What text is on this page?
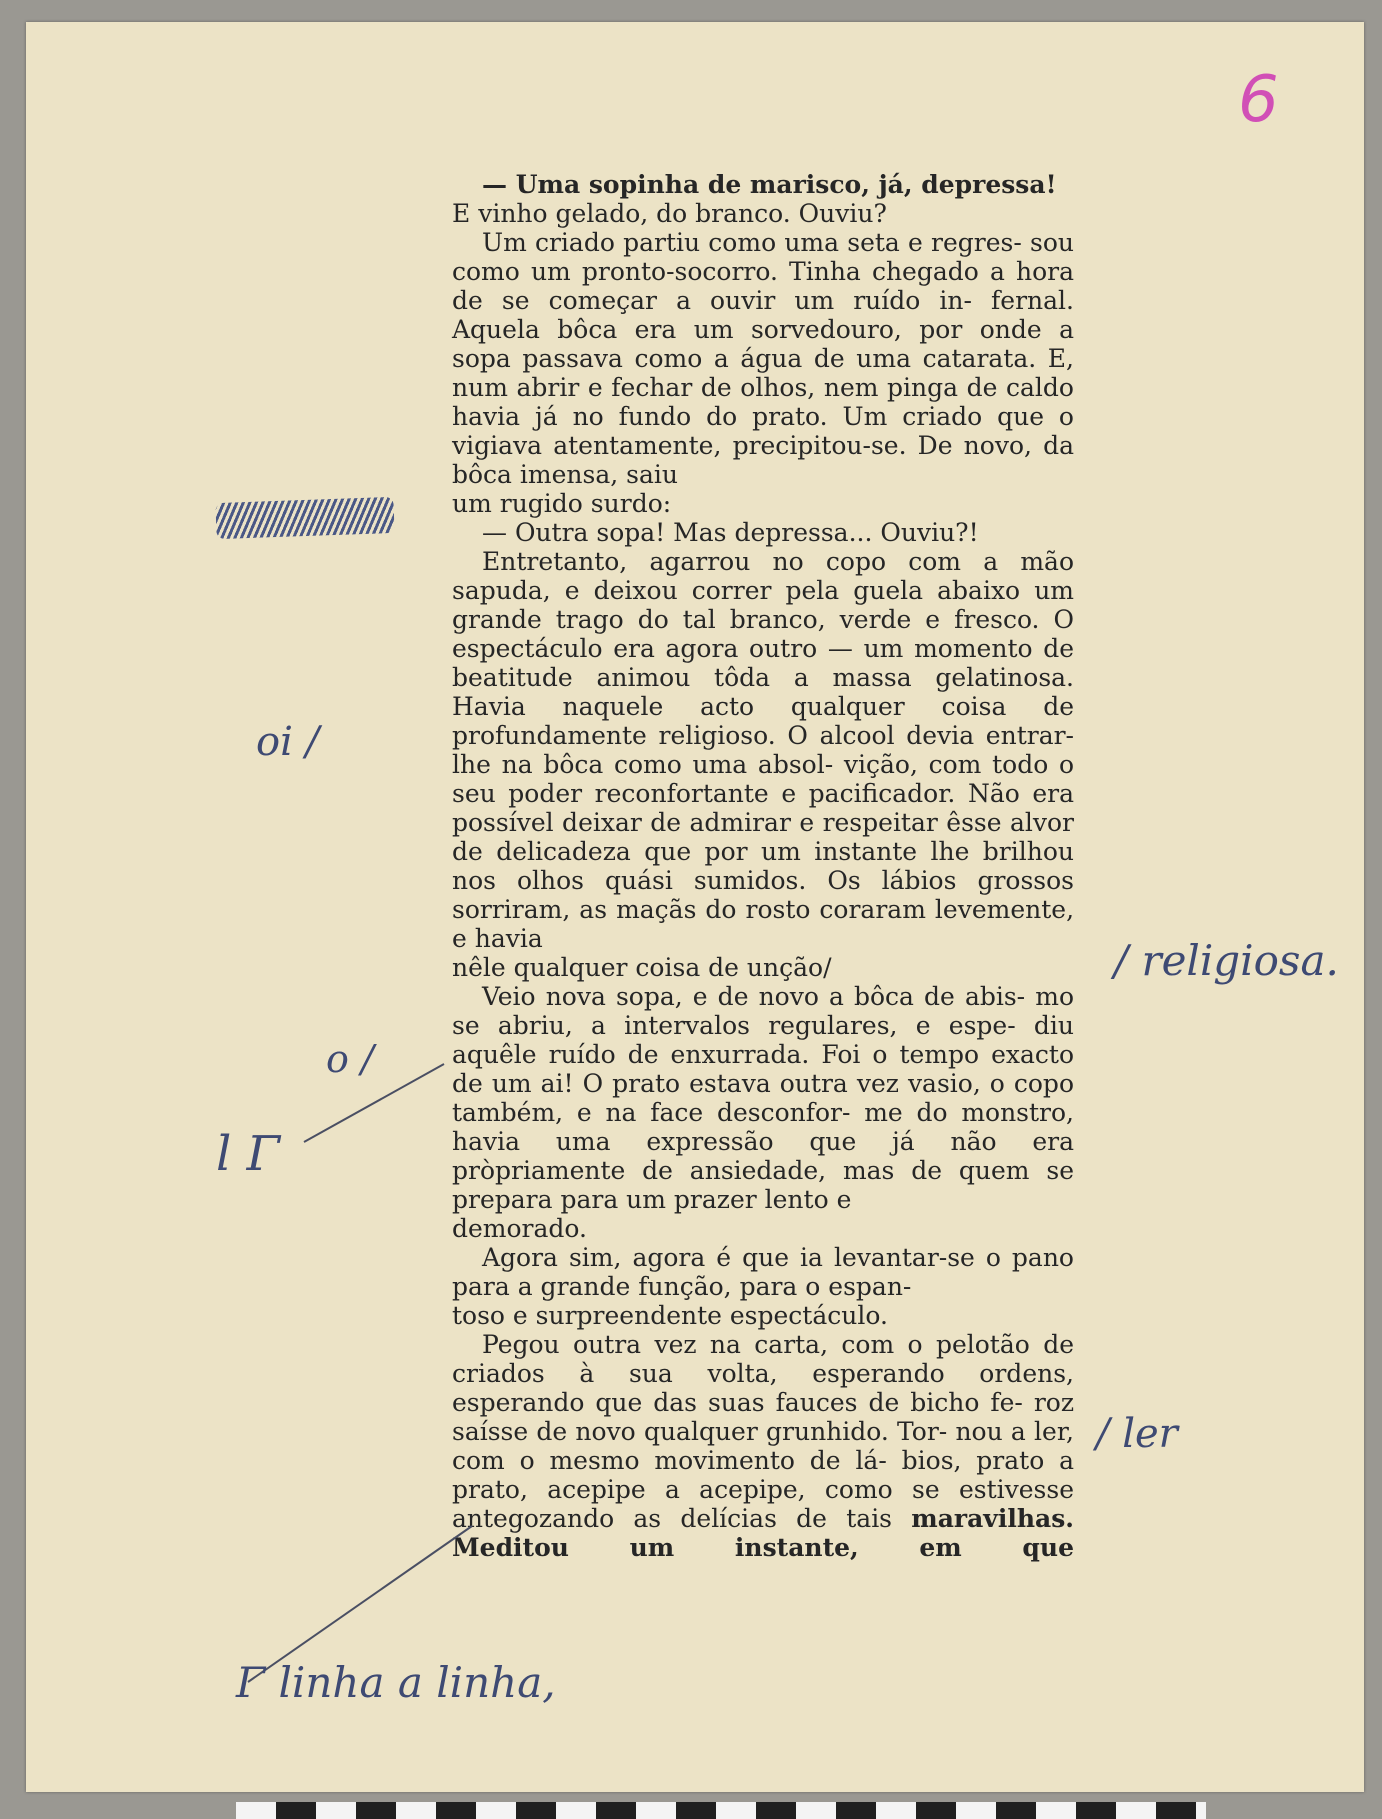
6

— Uma sopinha de marisco, já, depressa!
E vinho gelado, do branco. Ouviu?

Um criado partiu como uma seta e regres- sou como um pronto-socorro. Tinha chegado a hora de se começar a ouvir um ruído in- fernal. Aquela bôca era um sorvedouro, por onde a sopa passava como a água de uma catarata. E, num abrir e fechar de olhos, nem pinga de caldo havia já no fundo do prato. Um criado que o vigiava atentamente, precipitou-se. De novo, da bôca imensa, saiu
um rugido surdo:

— Outra sopa! Mas depressa... Ouviu?!

Entretanto, agarrou no copo com a mão sapuda, e deixou correr pela guela abaixo um grande trago do tal branco, verde e fresco. O espectáculo era agora outro — um momento de beatitude animou tôda a massa gelatinosa. Havia naquele acto qualquer coisa de profundamente religioso. O alcool devia entrar-lhe na bôca como uma absol- vição, com todo o seu poder reconfortante e pacificador. Não era possível deixar de admirar e respeitar êsse alvor de delicadeza que por um instante lhe brilhou nos olhos quási sumidos. Os lábios grossos sorriram, as maçãs do rosto coraram levemente, e havia
nêle qualquer coisa de unção/

Veio nova sopa, e de novo a bôca de abis- mo se abriu, a intervalos regulares, e espe- diu aquêle ruído de enxurrada. Foi o tempo exacto de um ai! O prato estava outra vez vasio, o copo também, e na face desconfor- me do monstro, havia uma expressão que já não era pròpriamente de ansiedade, mas de quem se prepara para um prazer lento e
demorado.

Agora sim, agora é que ia levantar-se o pano para a grande função, para o espan-
toso e surpreendente espectáculo.

Pegou outra vez na carta, com o pelotão de criados à sua volta, esperando ordens, esperando que das suas fauces de bicho fe- roz saísse de novo qualquer grunhido. Tor- nou a ler, com o mesmo movimento de lá- bios, prato a prato, acepipe a acepipe, como se estivesse antegozando as delícias de tais maravilhas. Meditou um instante, em que

oi /
o /
l Γ
/ religiosa.
/ ler
Γ linha a linha,
